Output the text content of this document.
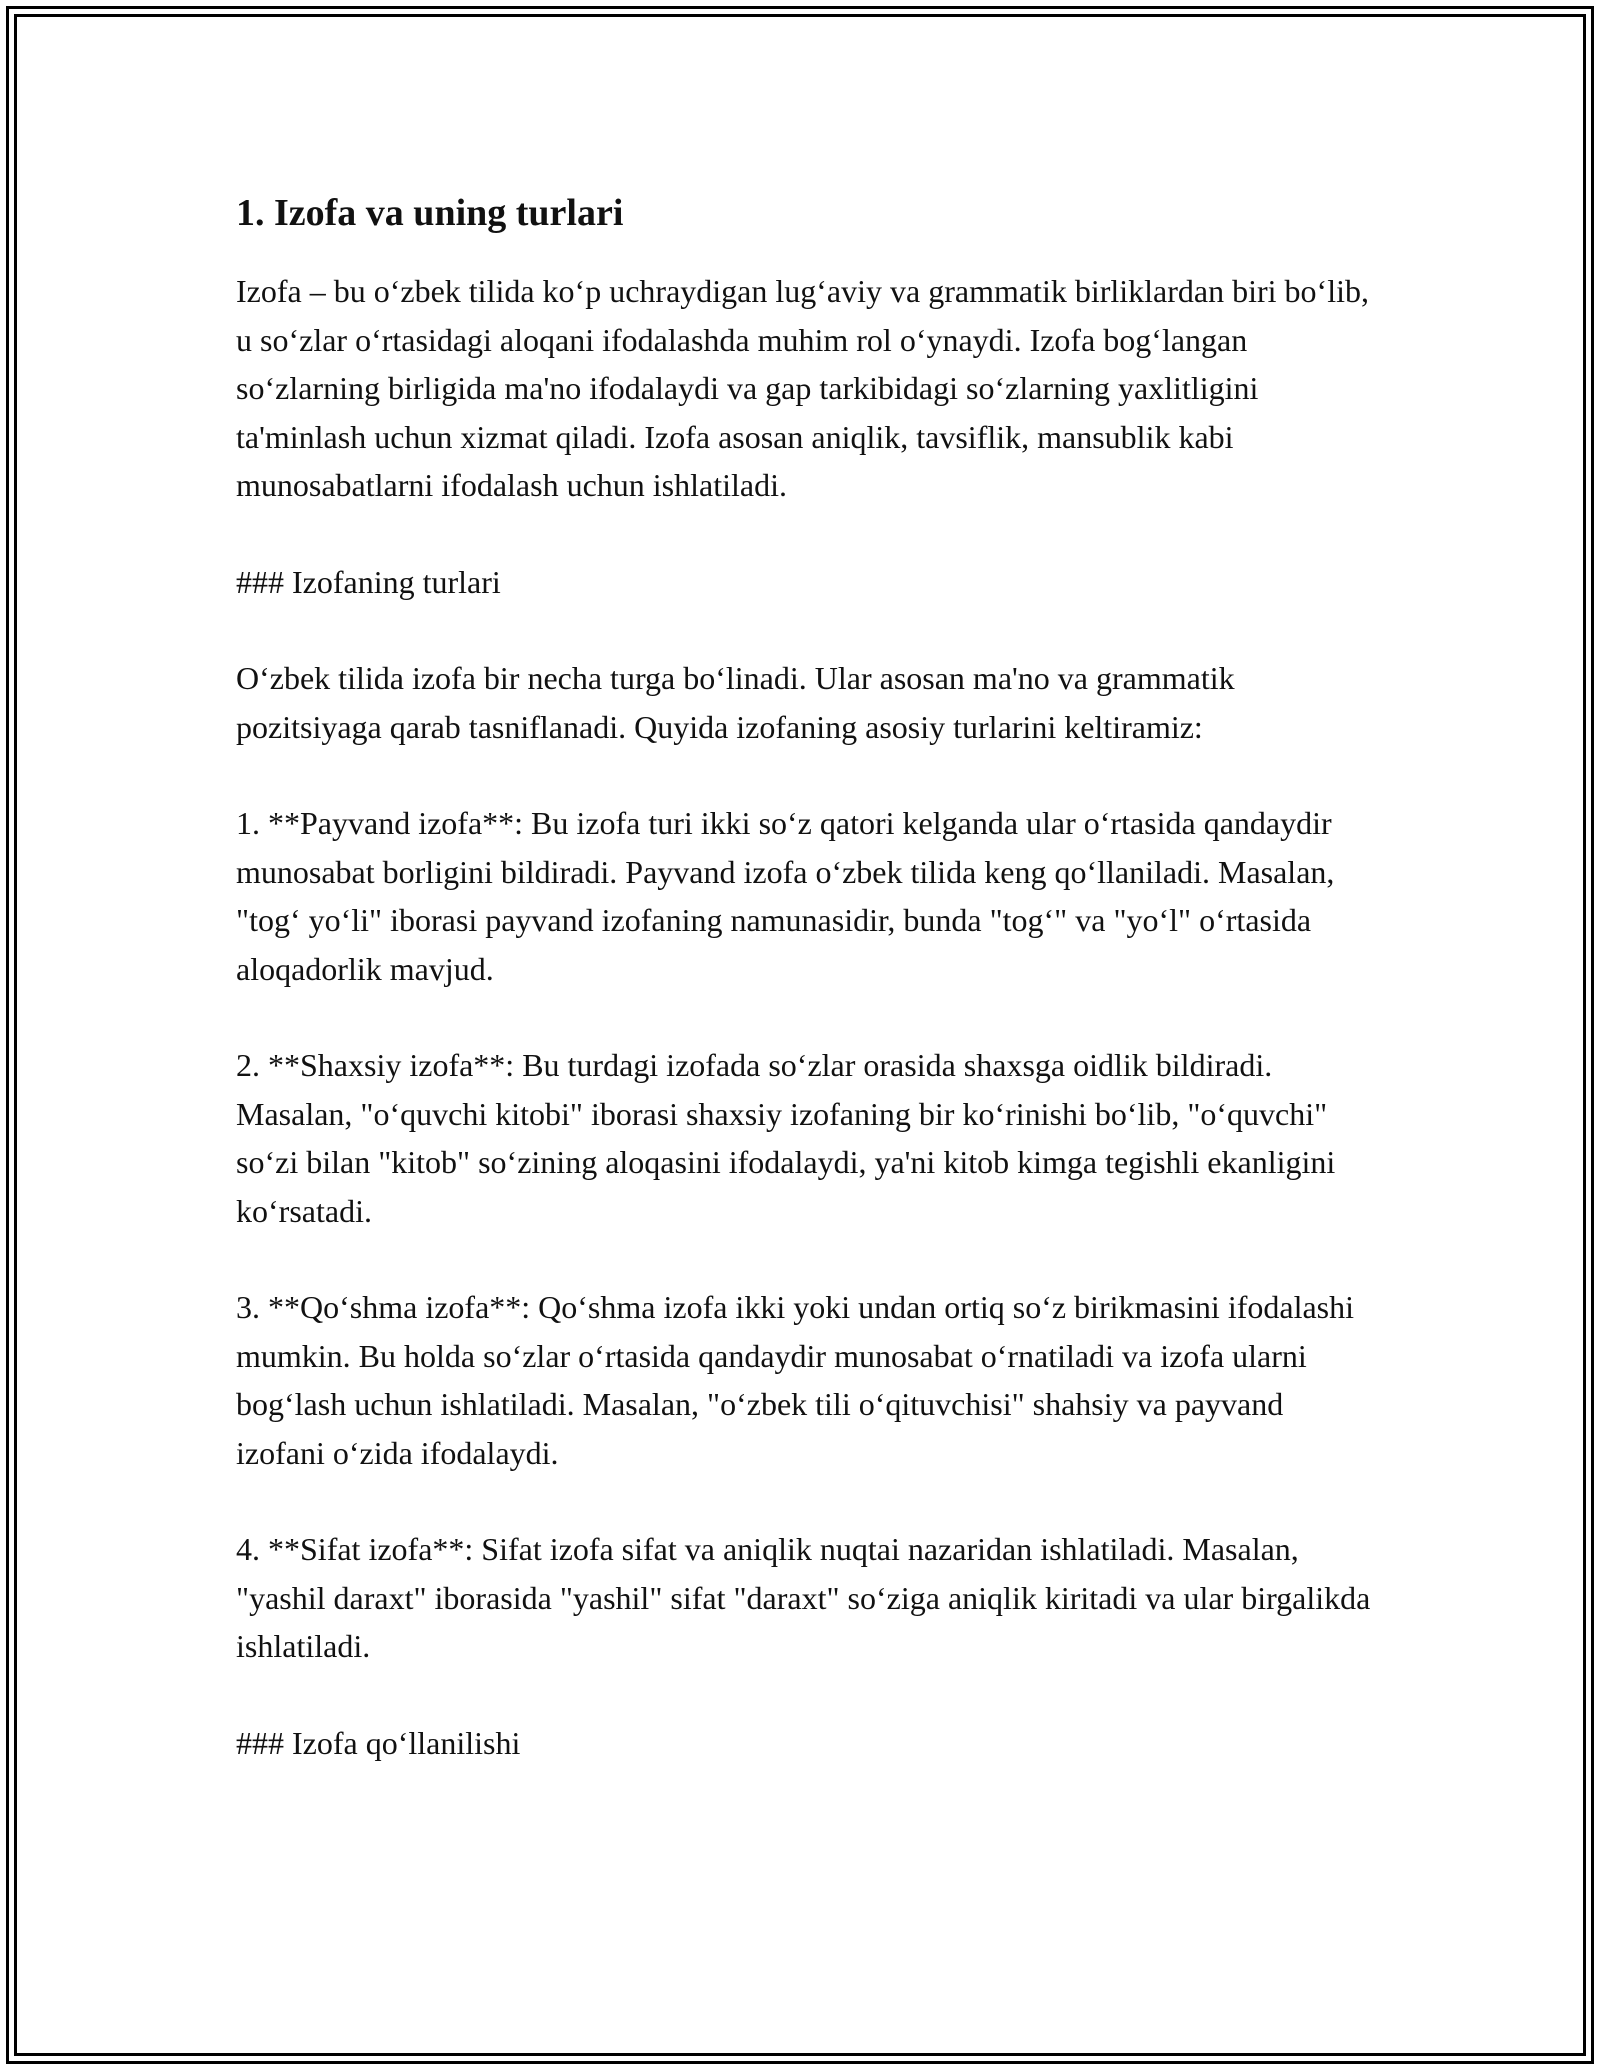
1. Izofa va uning turlari

Izofa – bu o‘zbek tilida ko‘p uchraydigan lug‘aviy va grammatik birliklardan biri bo‘lib, u so‘zlar o‘rtasidagi aloqani ifodalashda muhim rol o‘ynaydi. Izofa bog‘langan so‘zlarning birligida ma'no ifodalaydi va gap tarkibidagi so‘zlarning yaxlitligini ta'minlash uchun xizmat qiladi. Izofa asosan aniqlik, tavsiflik, mansublik kabi munosabatlarni ifodalash uchun ishlatiladi.

### Izofaning turlari

O‘zbek tilida izofa bir necha turga bo‘linadi. Ular asosan ma'no va grammatik pozitsiyaga qarab tasniflanadi. Quyida izofaning asosiy turlarini keltiramiz:

1. **Payvand izofa**: Bu izofa turi ikki so‘z qatori kelganda ular o‘rtasida qandaydir munosabat borligini bildiradi. Payvand izofa o‘zbek tilida keng qo‘llaniladi. Masalan, "tog‘ yo‘li" iborasi payvand izofaning namunasidir, bunda "tog‘" va "yo‘l" o‘rtasida aloqadorlik mavjud.

2. **Shaxsiy izofa**: Bu turdagi izofada so‘zlar orasida shaxsga oidlik bildiradi. Masalan, "o‘quvchi kitobi" iborasi shaxsiy izofaning bir ko‘rinishi bo‘lib, "o‘quvchi" so‘zi bilan "kitob" so‘zining aloqasini ifodalaydi, ya'ni kitob kimga tegishli ekanligini ko‘rsatadi.

3. **Qo‘shma izofa**: Qo‘shma izofa ikki yoki undan ortiq so‘z birikmasini ifodalashi mumkin. Bu holda so‘zlar o‘rtasida qandaydir munosabat o‘rnatiladi va izofa ularni bog‘lash uchun ishlatiladi. Masalan, "o‘zbek tili o‘qituvchisi" shahsiy va payvand izofani o‘zida ifodalaydi.

4. **Sifat izofa**: Sifat izofa sifat va aniqlik nuqtai nazaridan ishlatiladi. Masalan, "yashil daraxt" iborasida "yashil" sifat "daraxt" so‘ziga aniqlik kiritadi va ular birgalikda ishlatiladi.

### Izofa qo‘llanilishi
